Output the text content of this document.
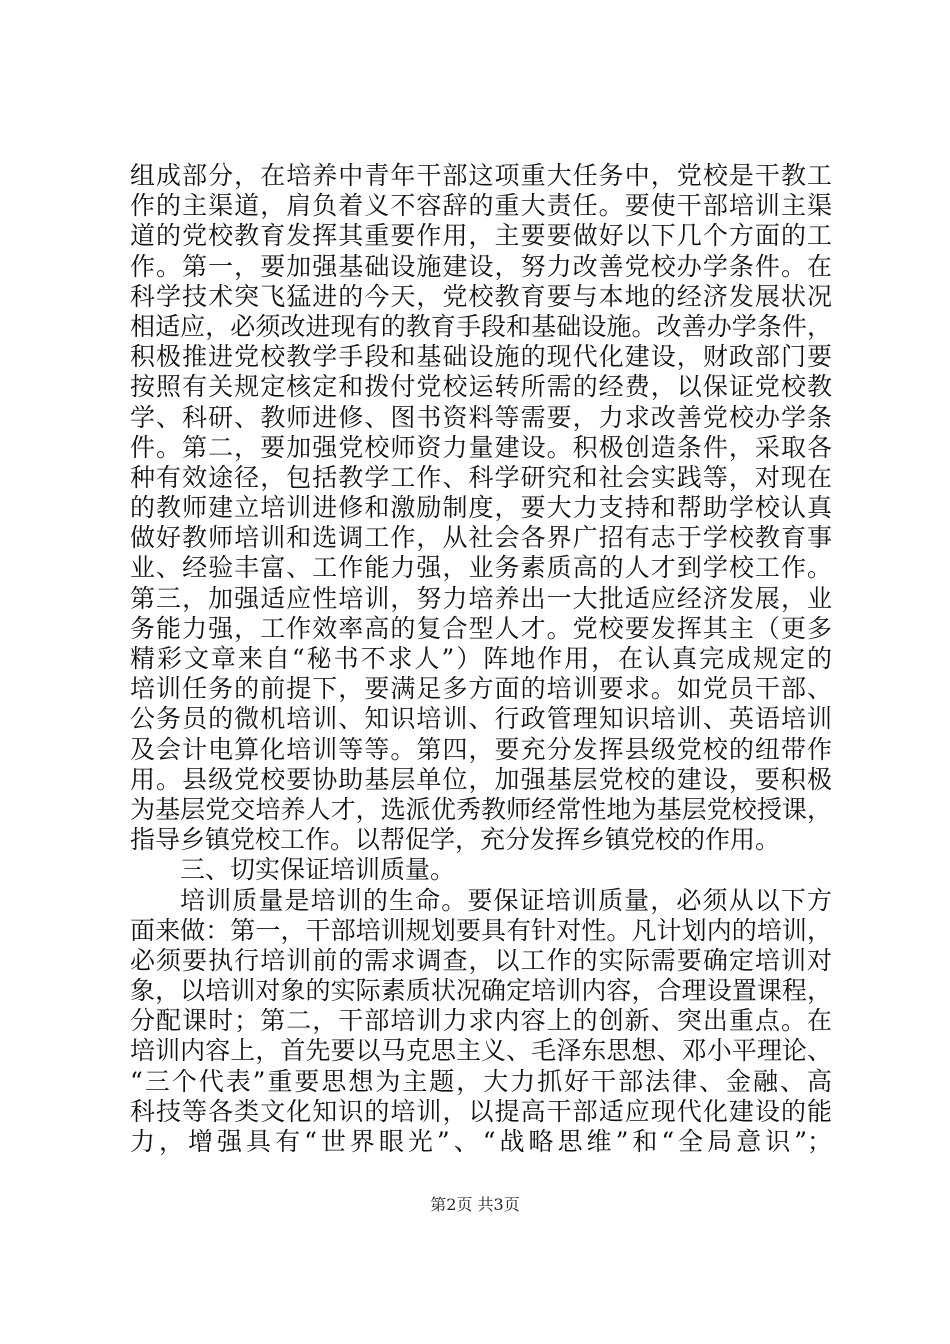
组成部分，在培养中青年干部这项重大任务中，党校是干教工
作的主渠道，肩负着义不容辞的重大责任。要使干部培训主渠
道的党校教育发挥其重要作用，主要要做好以下几个方面的工
作。第一，要加强基础设施建设，努力改善党校办学条件。在
科学技术突飞猛进的今天，党校教育要与本地的经济发展状况
相适应，必须改进现有的教育手段和基础设施。改善办学条件，
积极推进党校教学手段和基础设施的现代化建设，财政部门要
按照有关规定核定和拨付党校运转所需的经费，以保证党校教
学、科研、教师进修、图书资料等需要，力求改善党校办学条
件。第二，要加强党校师资力量建设。积极创造条件，采取各
种有效途径，包括教学工作、科学研究和社会实践等，对现在
的教师建立培训进修和激励制度，要大力支持和帮助学校认真
做好教师培训和选调工作，从社会各界广招有志于学校教育事
业、经验丰富、工作能力强，业务素质高的人才到学校工作。
第三，加强适应性培训，努力培养出一大批适应经济发展，业
务能力强，工作效率高的复合型人才。党校要发挥其主（更多
精彩文章来自“秘书不求人”）阵地作用，在认真完成规定的
培训任务的前提下，要满足多方面的培训要求。如党员干部、
公务员的微机培训、知识培训、行政管理知识培训、英语培训
及会计电算化培训等等。第四，要充分发挥县级党校的纽带作
用。县级党校要协助基层单位，加强基层党校的建设，要积极
为基层党交培养人才，选派优秀教师经常性地为基层党校授课，
指导乡镇党校工作。以帮促学，充分发挥乡镇党校的作用。
三、切实保证培训质量。
培训质量是培训的生命。要保证培训质量，必须从以下方
面来做：第一，干部培训规划要具有针对性。凡计划内的培训，
必须要执行培训前的需求调查，以工作的实际需要确定培训对
象，以培训对象的实际素质状况确定培训内容，合理设置课程，
分配课时；第二，干部培训力求内容上的创新、突出重点。在
培训内容上，首先要以马克思主义、毛泽东思想、邓小平理论、
“三个代表”重要思想为主题，大力抓好干部法律、金融、高
科技等各类文化知识的培训，以提高干部适应现代化建设的能
力，增强具有“世界眼光”、“战略思维”和“全局意识”；
第2页 共3页
